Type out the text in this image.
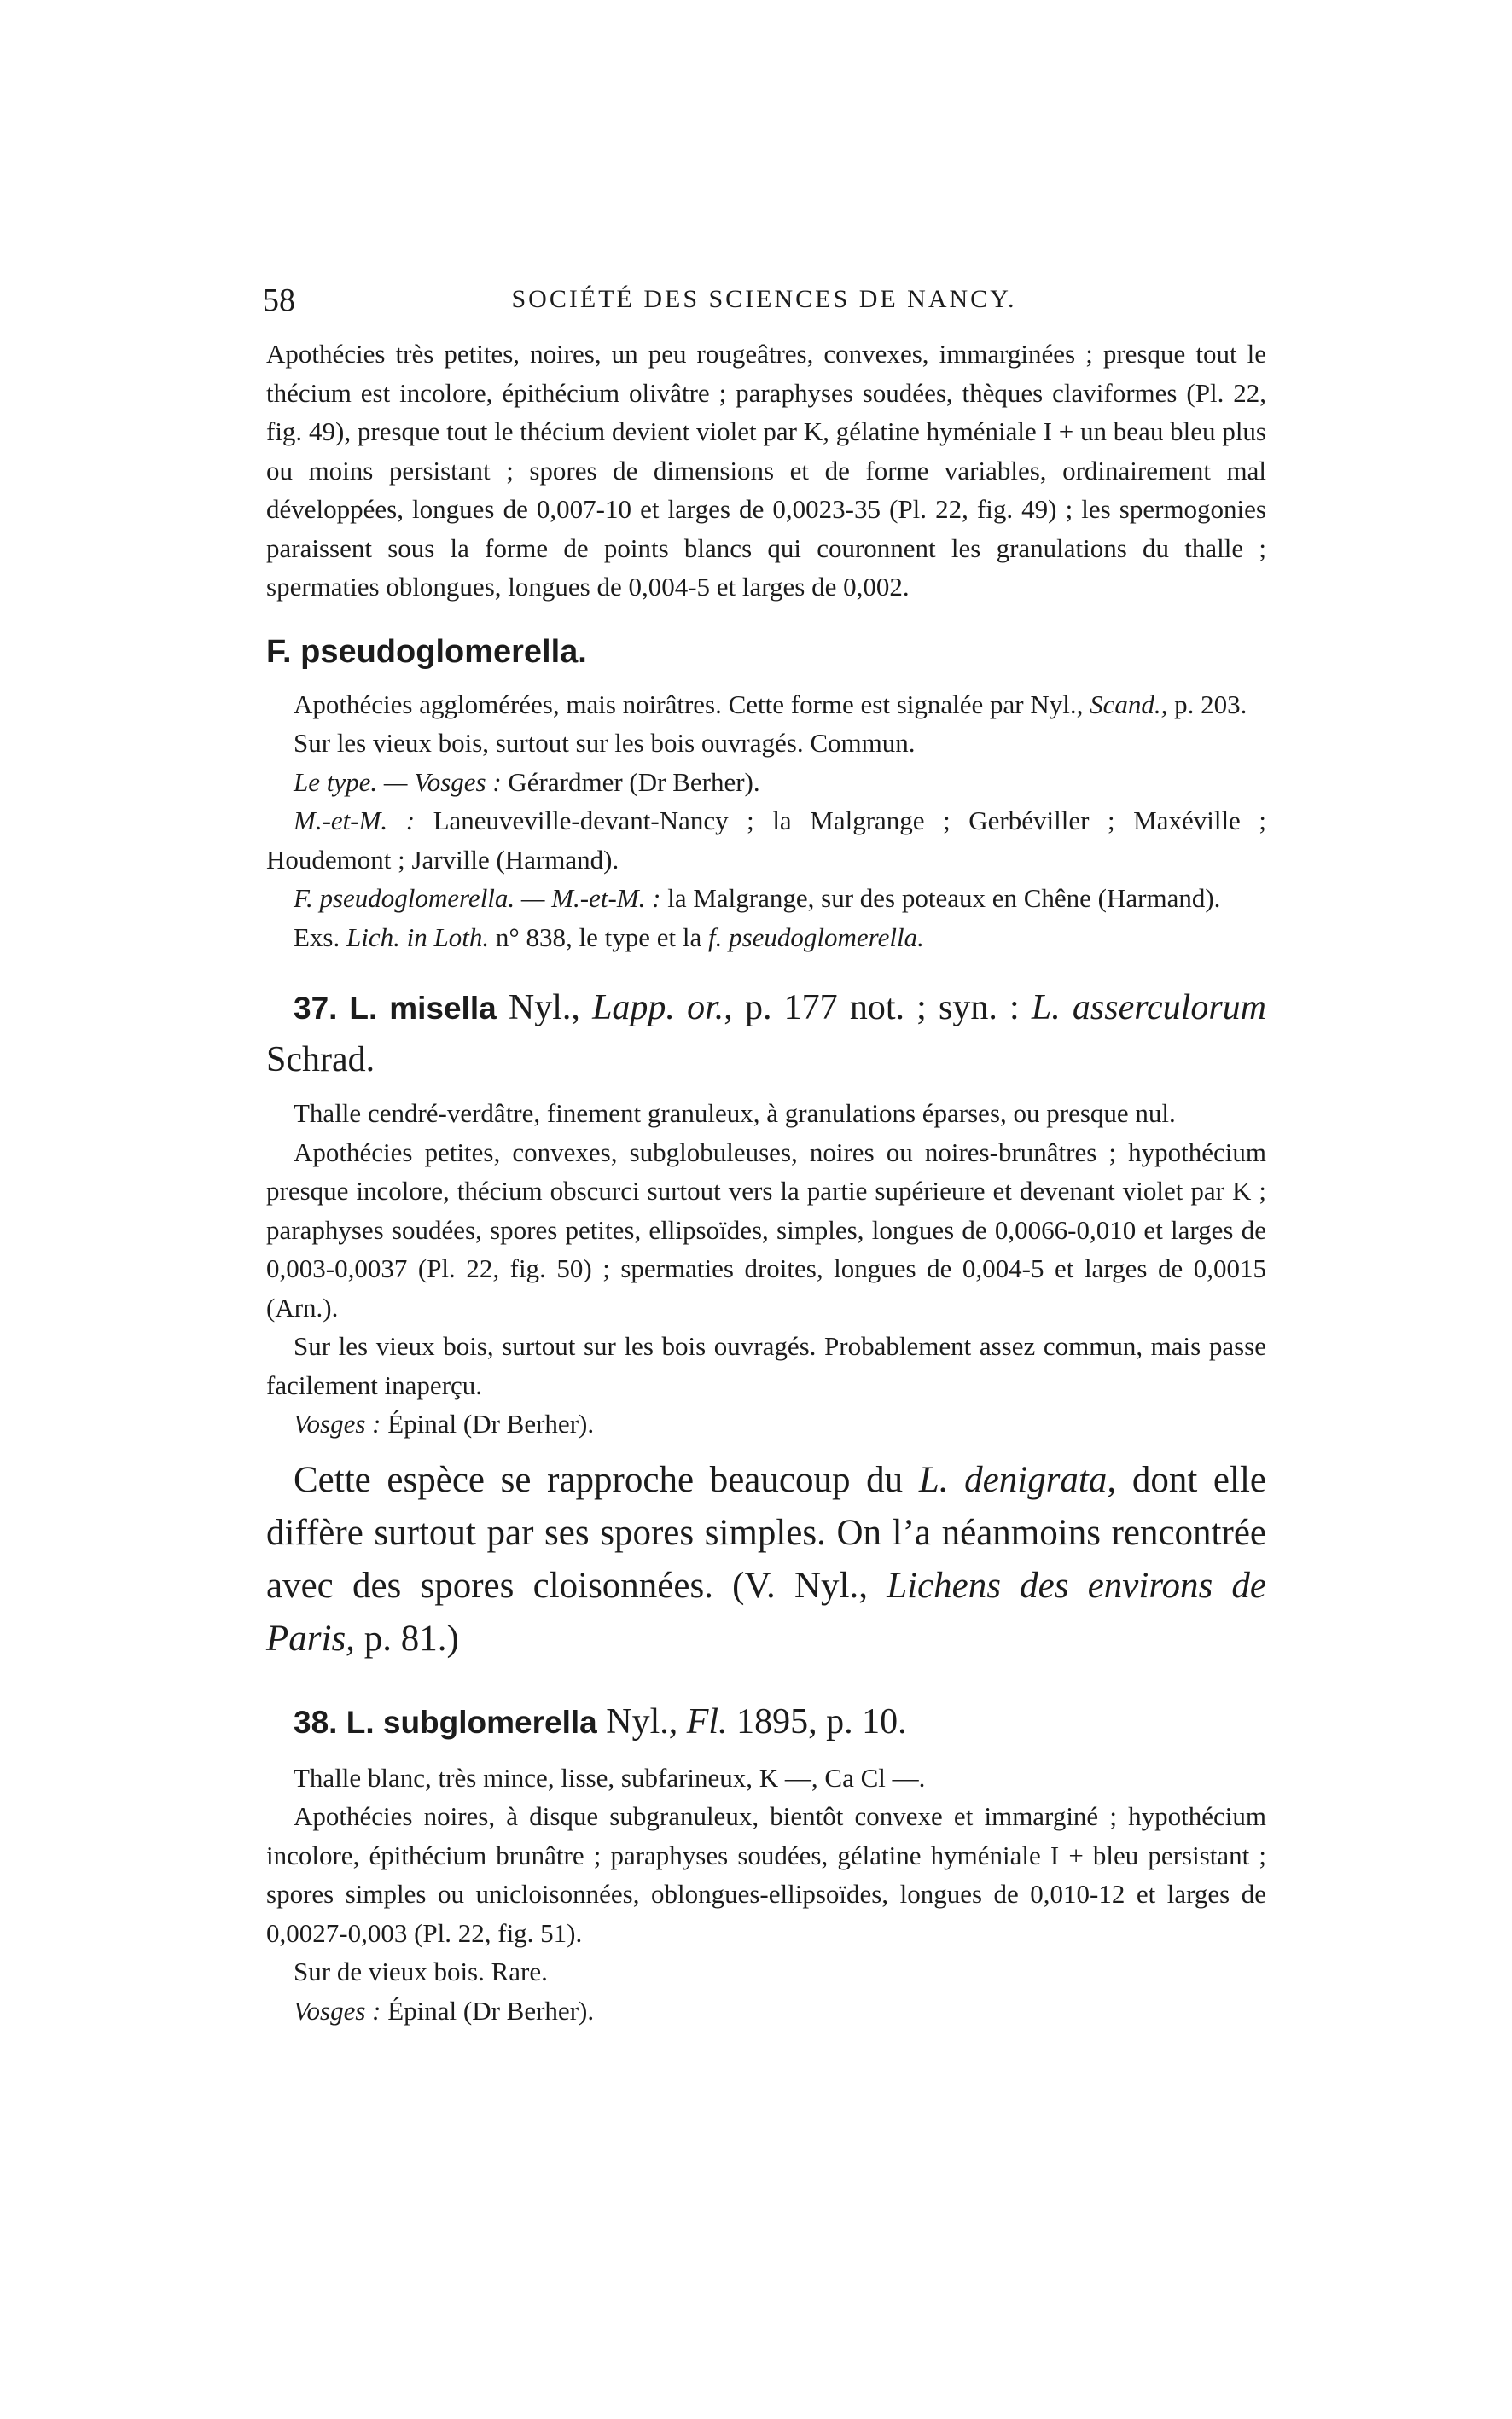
58	SOCIÉTÉ DES SCIENCES DE NANCY.

Apothécies très petites, noires, un peu rougeâtres, convexes, immarginées ; presque tout le thécium est incolore, épithécium olivâtre ; paraphyses soudées, thèques claviformes (Pl. 22, fig. 49), presque tout le thécium devient violet par K, gélatine hyméniale I + un beau bleu plus ou moins persistant ; spores de dimensions et de forme variables, ordinairement mal développées, longues de 0,007-10 et larges de 0,0023-35 (Pl. 22, fig. 49) ; les spermogonies paraissent sous la forme de points blancs qui couronnent les granulations du thalle ; spermaties oblongues, longues de 0,004-5 et larges de 0,002.

F. pseudoglomerella.

Apothécies agglomérées, mais noirâtres. Cette forme est signalée par Nyl., Scand., p. 203.

Sur les vieux bois, surtout sur les bois ouvragés. Commun.

Le type. — Vosges : Gérardmer (Dr Berher).

M.-et-M. : Laneuveville-devant-Nancy ; la Malgrange ; Gerbéviller ; Maxéville ; Houdemont ; Jarville (Harmand).

F. pseudoglomerella. — M.-et-M. : la Malgrange, sur des poteaux en Chêne (Harmand).

Exs. Lich. in Loth. n° 838, le type et la f. pseudoglomerella.

37. L. misella Nyl., Lapp. or., p. 177 not. ; syn. : L. asserculorum Schrad.

Thalle cendré-verdâtre, finement granuleux, à granulations éparses, ou presque nul.

Apothécies petites, convexes, subglobuleuses, noires ou noires-brunâtres ; hypothécium presque incolore, thécium obscurci surtout vers la partie supérieure et devenant violet par K ; paraphyses soudées, spores petites, ellipsoïdes, simples, longues de 0,0066-0,010 et larges de 0,003-0,0037 (Pl. 22, fig. 50) ; spermaties droites, longues de 0,004-5 et larges de 0,0015 (Arn.).

Sur les vieux bois, surtout sur les bois ouvragés. Probablement assez commun, mais passe facilement inaperçu.

Vosges : Épinal (Dr Berher).

Cette espèce se rapproche beaucoup du L. denigrata, dont elle diffère surtout par ses spores simples. On l’a néanmoins rencontrée avec des spores cloisonnées. (V. Nyl., Lichens des environs de Paris, p. 81.)

38. L. subglomerella Nyl., Fl. 1895, p. 10.

Thalle blanc, très mince, lisse, subfarineux, K —, Ca Cl —.

Apothécies noires, à disque subgranuleux, bientôt convexe et immarginé ; hypothécium incolore, épithécium brunâtre ; paraphyses soudées, gélatine hyméniale I + bleu persistant ; spores simples ou unicloisonnées, oblongues-ellipsoïdes, longues de 0,010-12 et larges de 0,0027-0,003 (Pl. 22, fig. 51).

Sur de vieux bois. Rare.

Vosges : Épinal (Dr Berher).
